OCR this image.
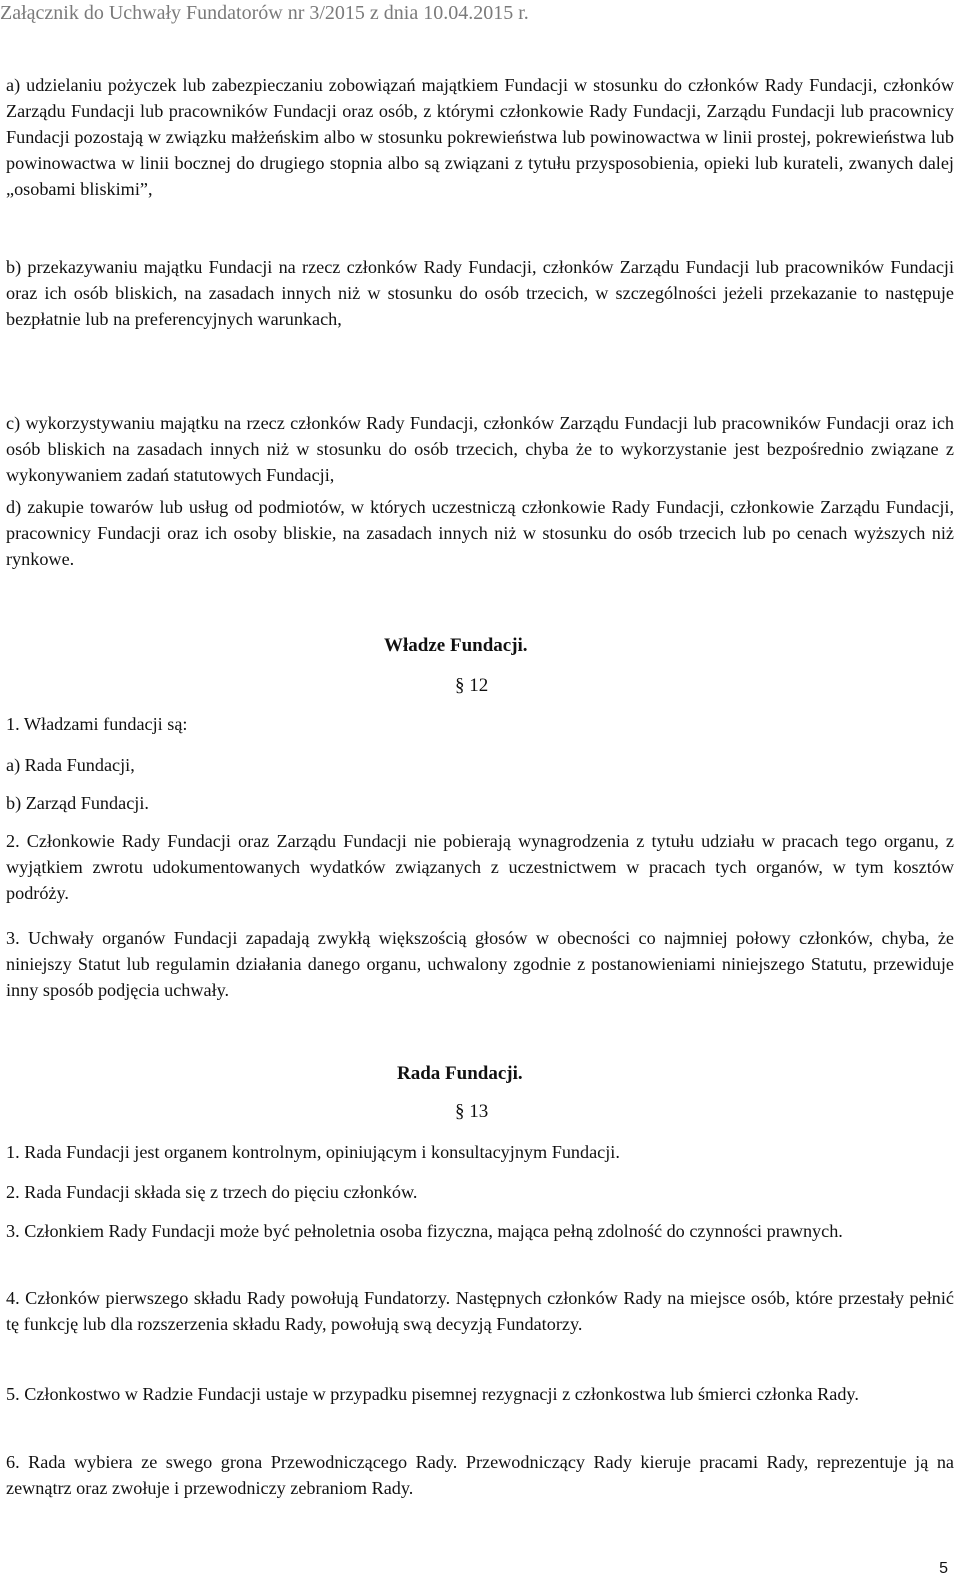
Załącznik do Uchwały Fundatorów nr 3/2015 z dnia 10.04.2015 r.

a) udzielaniu pożyczek lub zabezpieczaniu zobowiązań majątkiem Fundacji w stosunku do członków Rady Fundacji, członków Zarządu Fundacji lub pracowników Fundacji oraz osób, z którymi członkowie Rady Fundacji, Zarządu Fundacji lub pracownicy Fundacji pozostają w związku małżeńskim albo w stosunku pokrewieństwa lub powinowactwa w linii prostej, pokrewieństwa lub powinowactwa w linii bocznej do drugiego stopnia albo są związani z tytułu przysposobienia, opieki lub kurateli, zwanych dalej „osobami bliskimi”,

b) przekazywaniu majątku Fundacji na rzecz członków Rady Fundacji, członków Zarządu Fundacji lub pracowników Fundacji oraz ich osób bliskich, na zasadach innych niż w stosunku do osób trzecich, w szczególności jeżeli przekazanie to następuje bezpłatnie lub na preferencyjnych warunkach,

c) wykorzystywaniu majątku na rzecz członków Rady Fundacji, członków Zarządu Fundacji lub pracowników Fundacji oraz ich osób bliskich na zasadach innych niż w stosunku do osób trzecich, chyba że to wykorzystanie jest bezpośrednio związane z wykonywaniem zadań statutowych Fundacji,

d) zakupie towarów lub usług od podmiotów, w których uczestniczą członkowie Rady Fundacji, członkowie Zarządu Fundacji, pracownicy Fundacji oraz ich osoby bliskie, na zasadach innych niż w stosunku do osób trzecich lub po cenach wyższych niż rynkowe.

Władze Fundacji.
§ 12
1. Władzami fundacji są:
a) Rada Fundacji,
b) Zarząd Fundacji.

2. Członkowie Rady Fundacji oraz Zarządu Fundacji nie pobierają wynagrodzenia z tytułu udziału w pracach tego organu, z wyjątkiem zwrotu udokumentowanych wydatków związanych z uczestnictwem w pracach tych organów, w tym kosztów podróży.

3. Uchwały organów Fundacji zapadają zwykłą większością głosów w obecności co najmniej połowy członków, chyba, że niniejszy Statut lub regulamin działania danego organu, uchwalony zgodnie z postanowieniami niniejszego Statutu, przewiduje inny sposób podjęcia uchwały.

Rada Fundacji.
§ 13

1. Rada Fundacji jest organem kontrolnym, opiniującym i konsultacyjnym Fundacji.

2. Rada Fundacji składa się z trzech do pięciu członków.

3. Członkiem Rady Fundacji może być pełnoletnia osoba fizyczna, mająca pełną zdolność do czynności prawnych.

4. Członków pierwszego składu Rady powołują Fundatorzy. Następnych członków Rady na miejsce osób, które przestały pełnić tę funkcję lub dla rozszerzenia składu Rady, powołują swą decyzją Fundatorzy.

5. Członkostwo w Radzie Fundacji ustaje w przypadku pisemnej rezygnacji z członkostwa lub śmierci członka Rady.

6. Rada wybiera ze swego grona Przewodniczącego Rady. Przewodniczący Rady kieruje pracami Rady, reprezentuje ją na zewnątrz oraz zwołuje i przewodniczy zebraniom Rady.

5
